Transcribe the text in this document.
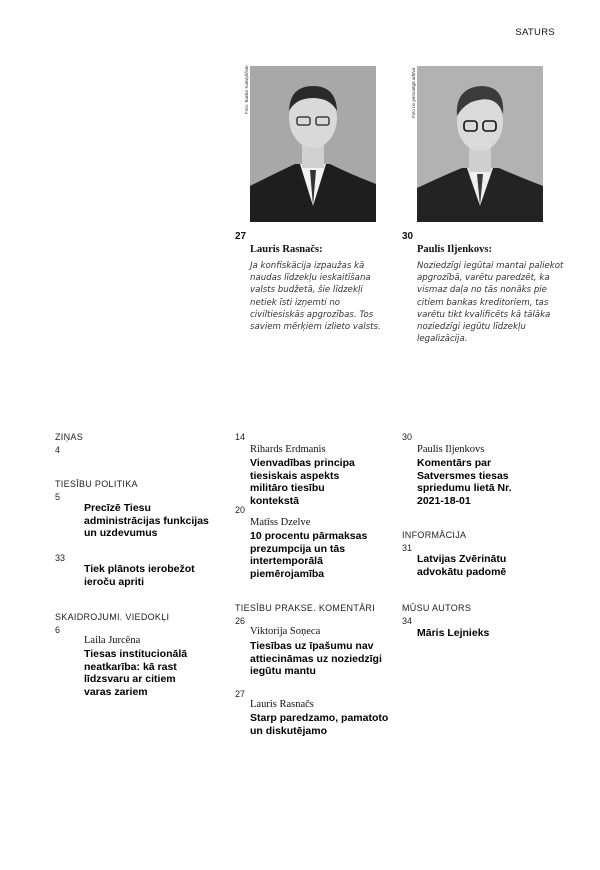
SATURS
Foto: Banko Kalniņš/lsm	Foto no personīgā arhīva
27
Lauris Rasnačs:
Ja konfiskācija izpaužas kā naudas līdzekļu ieskaitīšana valsts budžetā, šie līdzekļi netiek īsti izņemti no civiltiesiskās apgrozības. Tos saviem mērķiem izlieto valsts.
30
Paulis Iljenkovs:
Noziedzīgi iegūtai mantai paliekot apgrozībā, varētu paredzēt, ka vismaz daļa no tās nonāks pie citiem bankas kreditoriem, tas varētu tikt kvalificēts kā tālāka noziedzīgi iegūtu līdzekļu legalizācija.
ZIŅAS
4
TIESĪBU POLITIKA
5
Precīzē Tiesu administrācijas funkcijas un uzdevumus
33
Tiek plānots ierobežot ieroču apriti
SKAIDROJUMI. VIEDOKĻI
6
Laila Jurcēna
Tiesas institucionālā neatkarība: kā rast līdzsvaru ar citiem varas zariem
14
Rihards Erdmanis
Vienvadības principa tiesiskais aspekts militāro tiesību kontekstā
20
Matīss Dzelve
10 procentu pārmaksas prezumpcija un tās intertemporālā piemērojamība
TIESĪBU PRAKSE. KOMENTĀRI
26
Viktorija Soņeca
Tiesības uz īpašumu nav attiecināmas uz noziedzīgi iegūtu mantu
27
Lauris Rasnačs
Starp paredzamo, pamatoto un diskutējamo
30
Paulis Iljenkovs
Komentārs par Satversmes tiesas spriedumu lietā Nr. 2021-18-01
INFORMĀCIJA
31
Latvijas Zvērinātu advokātu padomē
MŪSU AUTORS
34
Māris Lejnieks
